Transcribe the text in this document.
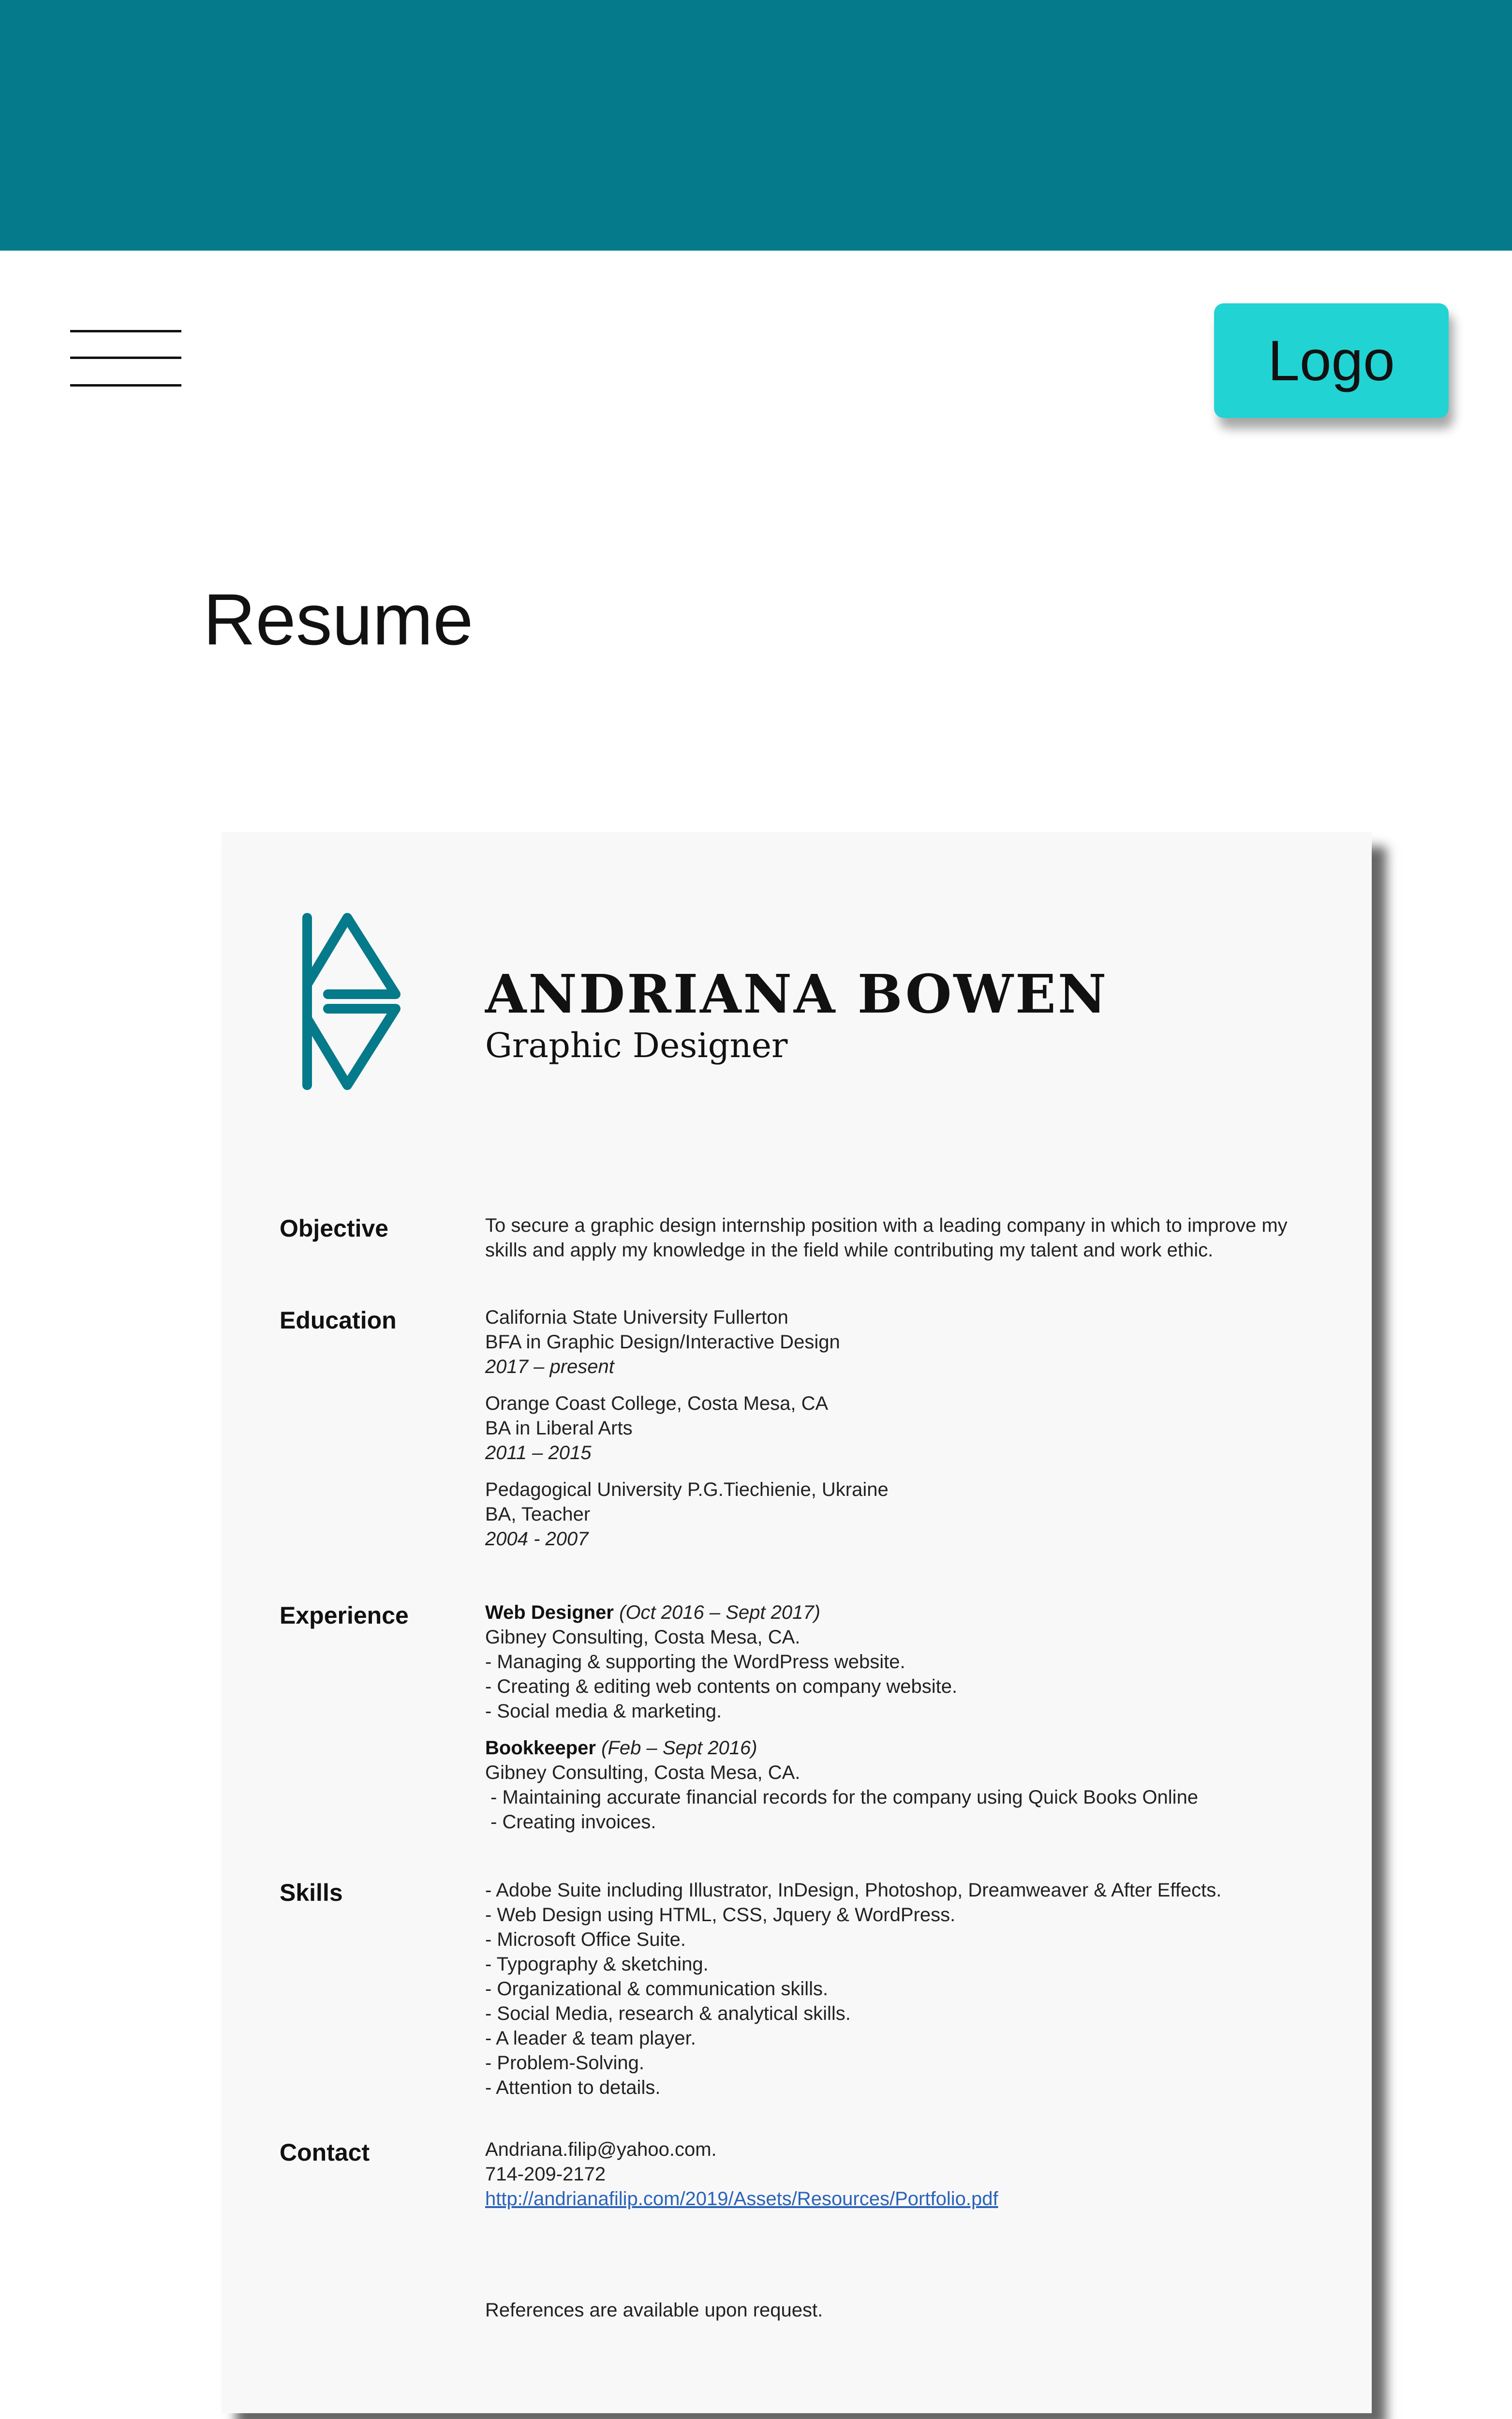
Logo
Resume
ANDRIANA BOWEN
Graphic Designer
Objective	To secure a graphic design internship position with a leading company in which to improve my
skills and apply my knowledge in the field while contributing my talent and work ethic.
Education	California State University Fullerton
BFA in Graphic Design/Interactive Design
2017 – present
Orange Coast College, Costa Mesa, CA
BA in Liberal Arts
2011 – 2015
Pedagogical University P.G.Tiechienie, Ukraine
BA, Teacher
2004 - 2007
Experience	Web Designer (Oct 2016 – Sept 2017)
Gibney Consulting, Costa Mesa, CA.
- Managing & supporting the WordPress website.
- Creating & editing web contents on company website.
- Social media & marketing.
Bookkeeper (Feb – Sept 2016)
Gibney Consulting, Costa Mesa, CA.
- Maintaining accurate financial records for the company using Quick Books Online
- Creating invoices.
Skills	- Adobe Suite including Illustrator, InDesign, Photoshop, Dreamweaver & After Effects.
- Web Design using HTML, CSS, Jquery & WordPress.
- Microsoft Office Suite.
- Typography & sketching.
- Organizational & communication skills.
- Social Media, research & analytical skills.
- A leader & team player.
- Problem-Solving.
- Attention to details.
Contact	Andriana.filip@yahoo.com.
714-209-2172
http://andrianafilip.com/2019/Assets/Resources/Portfolio.pdf
References are available upon request.
